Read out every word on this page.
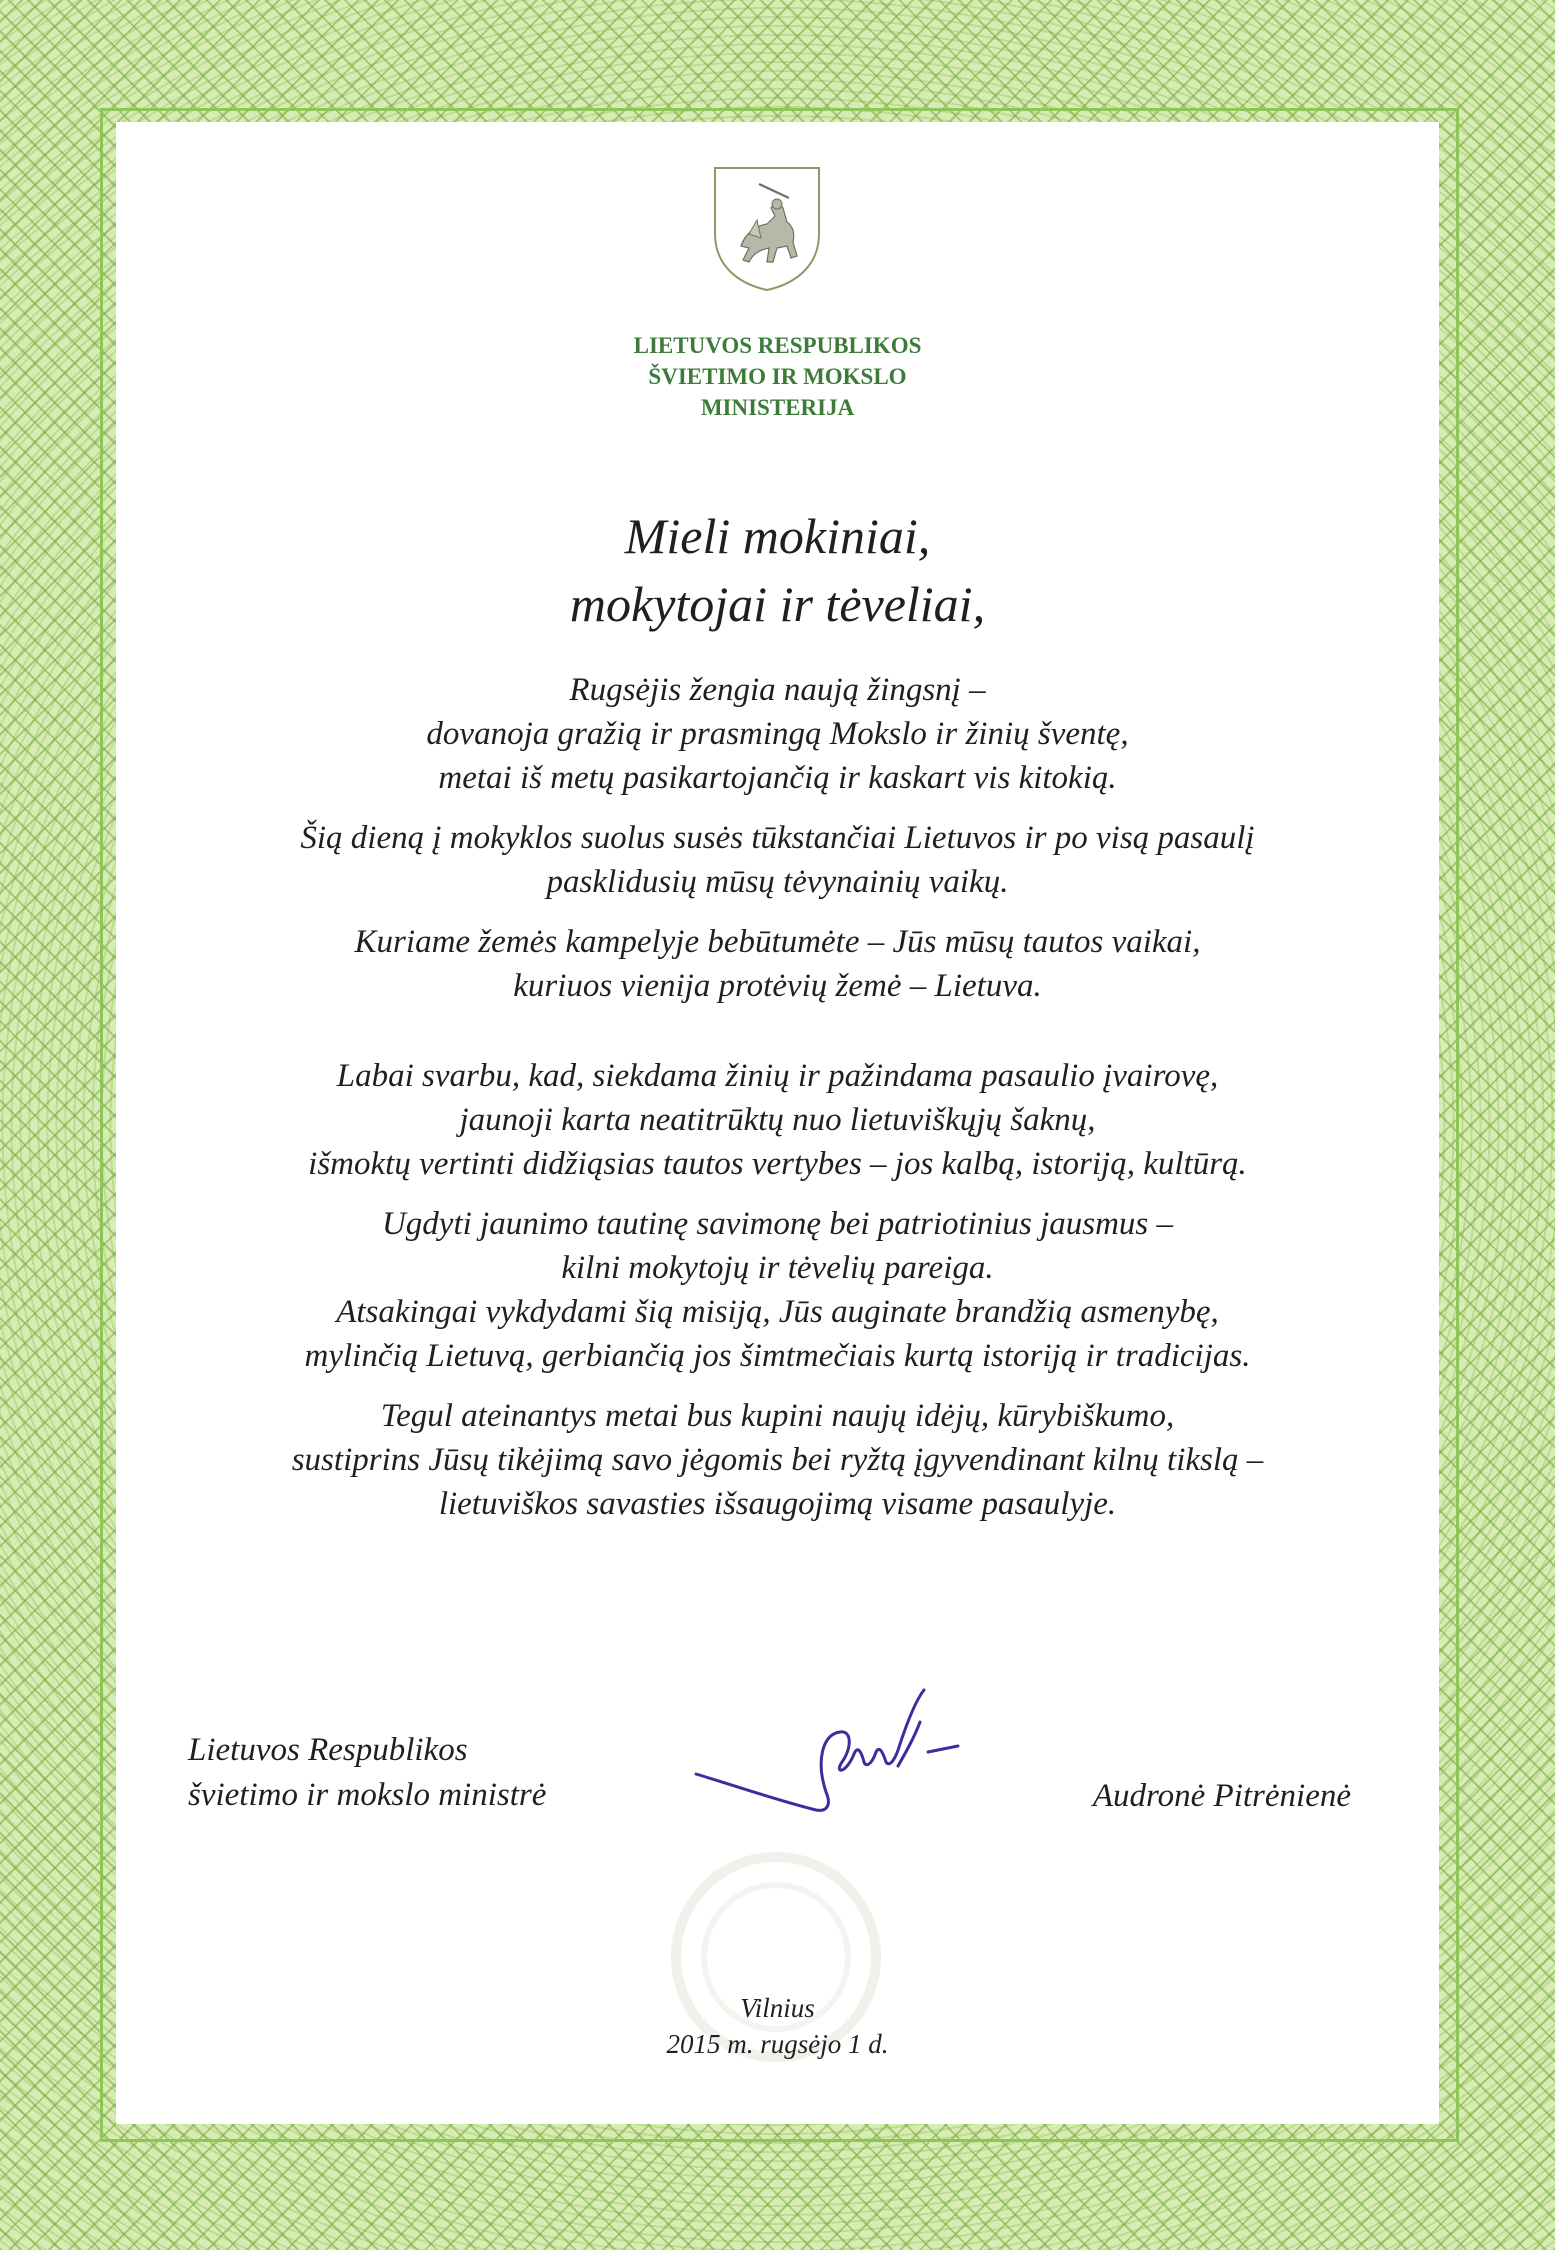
LIETUVOS RESPUBLIKOS
ŠVIETIMO IR MOKSLO
MINISTERIJA
Mieli mokiniai,
mokytojai ir tėveliai,

Rugsėjis žengia naują žingsnį –
dovanoja gražią ir prasmingą Mokslo ir žinių šventę,
metai iš metų pasikartojančią ir kaskart vis kitokią.

Šią dieną į mokyklos suolus susės tūkstančiai Lietuvos ir po visą pasaulį
pasklidusių mūsų tėvynainių vaikų.

Kuriame žemės kampelyje bebūtumėte – Jūs mūsų tautos vaikai,
kuriuos vienija protėvių žemė – Lietuva.

Labai svarbu, kad, siekdama žinių ir pažindama pasaulio įvairovę,
jaunoji karta neatitrūktų nuo lietuviškųjų šaknų,
išmoktų vertinti didžiąsias tautos vertybes – jos kalbą, istoriją, kultūrą.

Ugdyti jaunimo tautinę savimonę bei patriotinius jausmus –
kilni mokytojų ir tėvelių pareiga.
Atsakingai vykdydami šią misiją, Jūs auginate brandžią asmenybę,
mylinčią Lietuvą, gerbiančią jos šimtmečiais kurtą istoriją ir tradicijas.

Tegul ateinantys metai bus kupini naujų idėjų, kūrybiškumo,
sustiprins Jūsų tikėjimą savo jėgomis bei ryžtą įgyvendinant kilnų tikslą –
lietuviškos savasties išsaugojimą visame pasaulyje.

Lietuvos Respublikos
švietimo ir mokslo ministrė	Audronė Pitrėnienė
Vilnius
2015 m. rugsėjo 1 d.
